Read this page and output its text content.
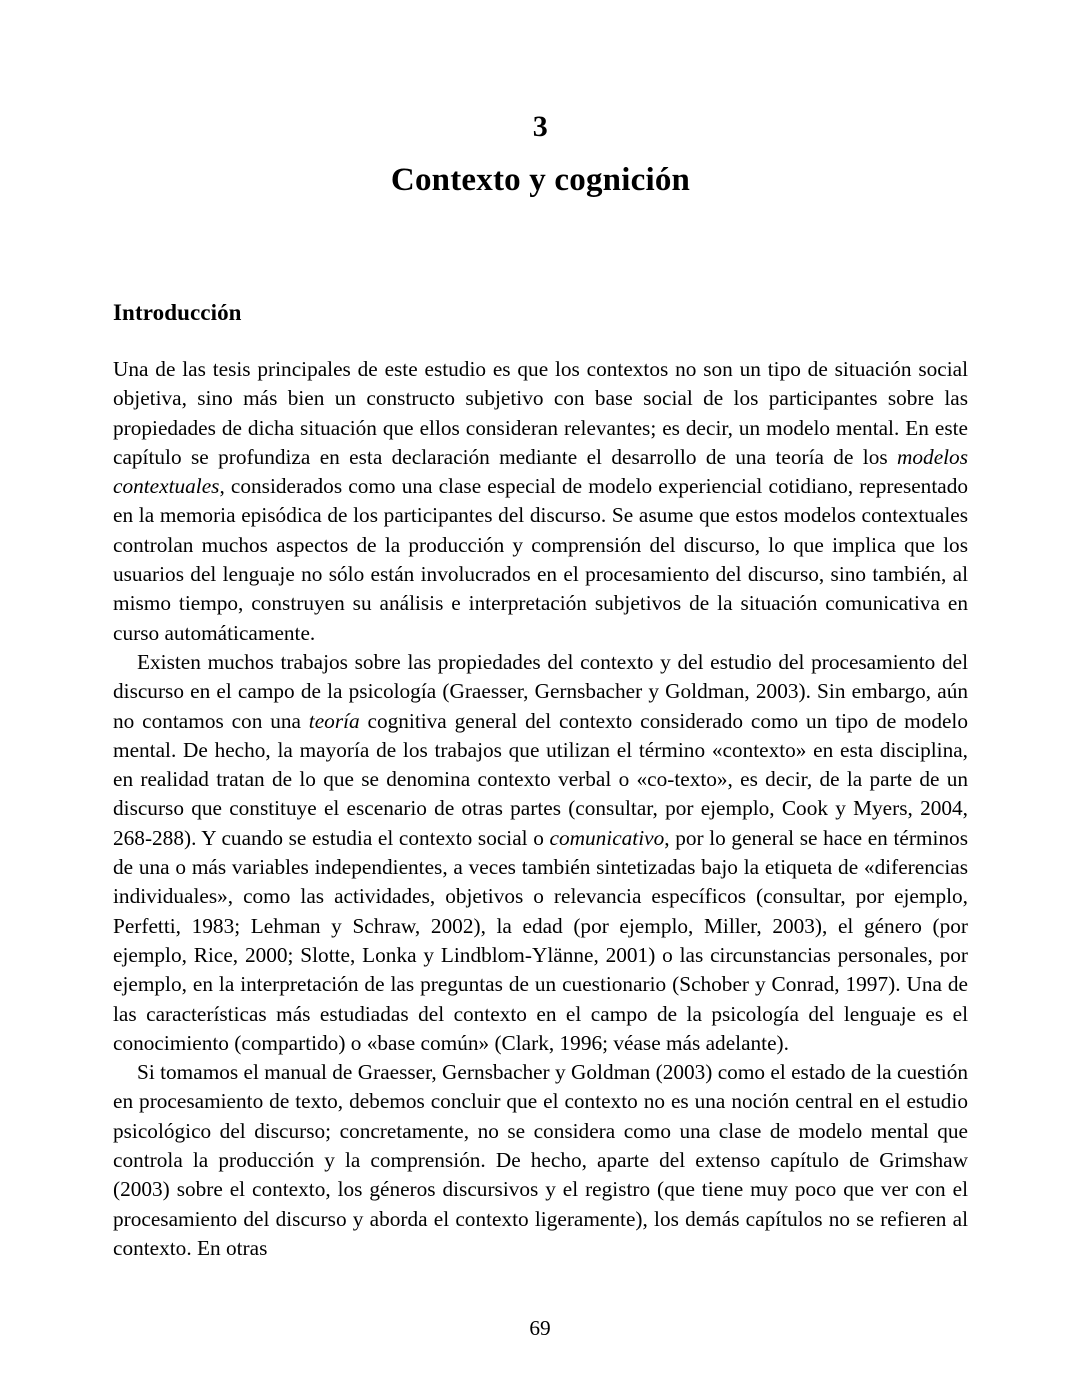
3
Contexto y cognición
Introducción

Una de las tesis principales de este estudio es que los contextos no son un tipo de situación social objetiva, sino más bien un constructo subjetivo con base social de los participantes sobre las propiedades de dicha situación que ellos consideran relevantes; es decir, un modelo mental. En este capítulo se profundiza en esta declaración mediante el desarrollo de una teoría de los modelos contextuales, considerados como una clase especial de modelo experiencial cotidiano, representado en la memoria episódica de los participantes del discurso. Se asume que estos modelos contextuales controlan muchos aspectos de la producción y comprensión del discurso, lo que implica que los usuarios del lenguaje no sólo están involucrados en el procesamiento del discurso, sino también, al mismo tiempo, construyen su análisis e interpretación subjetivos de la situación comunicativa en curso automáticamente.

Existen muchos trabajos sobre las propiedades del contexto y del estudio del procesamiento del discurso en el campo de la psicología (Graesser, Gernsbacher y Goldman, 2003). Sin embargo, aún no contamos con una teoría cognitiva general del contexto considerado como un tipo de modelo mental. De hecho, la mayoría de los trabajos que utilizan el término «contexto» en esta disciplina, en realidad tratan de lo que se denomina contexto verbal o «co-texto», es decir, de la parte de un discurso que constituye el escenario de otras partes (consultar, por ejemplo, Cook y Myers, 2004, 268-288). Y cuando se estudia el contexto social o comunicativo, por lo general se hace en términos de una o más variables independientes, a veces también sintetizadas bajo la etiqueta de «diferencias individuales», como las actividades, objetivos o relevancia específicos (consultar, por ejemplo, Perfetti, 1983; Lehman y Schraw, 2002), la edad (por ejemplo, Miller, 2003), el género (por ejemplo, Rice, 2000; Slotte, Lonka y Lindblom-Ylänne, 2001) o las circunstancias personales, por ejemplo, en la interpretación de las preguntas de un cuestionario (Schober y Conrad, 1997). Una de las características más estudiadas del contexto en el campo de la psicología del lenguaje es el conocimiento (compartido) o «base común» (Clark, 1996; véase más adelante).

Si tomamos el manual de Graesser, Gernsbacher y Goldman (2003) como el estado de la cuestión en procesamiento de texto, debemos concluir que el contexto no es una noción central en el estudio psicológico del discurso; concretamente, no se considera como una clase de modelo mental que controla la producción y la comprensión. De hecho, aparte del extenso capítulo de Grimshaw (2003) sobre el contexto, los géneros discursivos y el registro (que tiene muy poco que ver con el procesamiento del discurso y aborda el contexto ligeramente), los demás capítulos no se refieren al contexto. En otras

69
